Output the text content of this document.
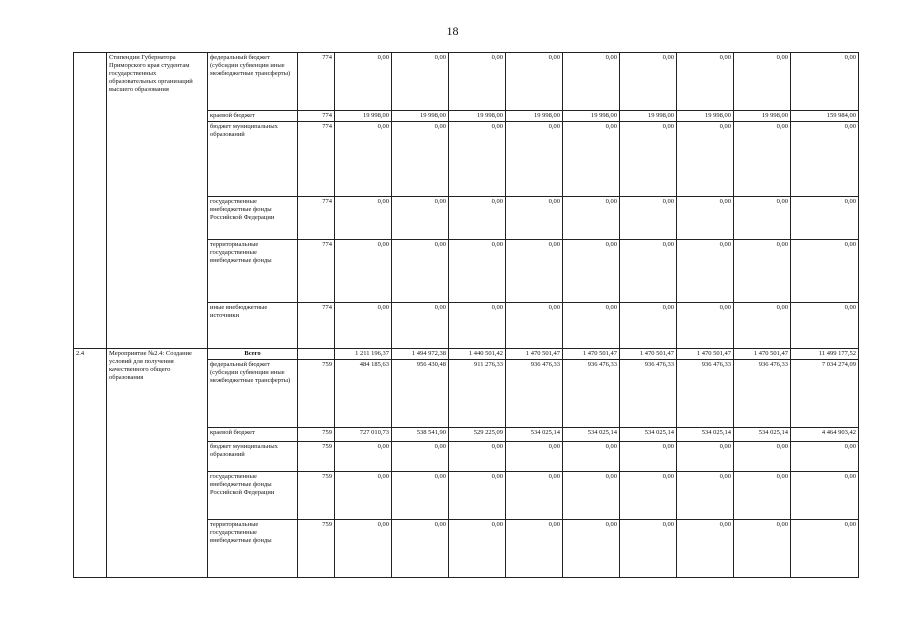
18
	Стипендии Губернатора Приморского края студентам государственных образовательных организаций высшего образования	федеральный бюджет (субсидии субвенции иные межбюджетные трансферты)	774	0,00	0,00	0,00	0,00	0,00	0,00	0,00	0,00	0,00
		краевой бюджет	774	19 998,00	19 998,00	19 998,00	19 998,00	19 998,00	19 998,00	19 998,00	19 998,00	159 984,00
		бюджет муниципальных образований	774	0,00	0,00	0,00	0,00	0,00	0,00	0,00	0,00	0,00
		государственные внебюджетные фонды Российской Федерации	774	0,00	0,00	0,00	0,00	0,00	0,00	0,00	0,00	0,00
		территориальные государственные внебюджетные фонды	774	0,00	0,00	0,00	0,00	0,00	0,00	0,00	0,00	0,00
		иные внебюджетные источники	774	0,00	0,00	0,00	0,00	0,00	0,00	0,00	0,00	0,00
2.4	Мероприятие №2.4: Создание условий для получения качественного общего образования	Всего		1 211 196,37	1 494 972,38	1 440 501,42	1 470 501,47	1 470 501,47	1 470 501,47	1 470 501,47	1 470 501,47	11 499 177,52
		федеральный бюджет (субсидии субвенции иные межбюджетные трансферты)	759	484 185,63	956 430,48	911 276,33	936 476,33	936 476,33	936 476,33	936 476,33	936 476,33	7 034 274,09
		краевой бюджет	759	727 010,73	538 541,90	529 225,09	534 025,14	534 025,14	534 025,14	534 025,14	534 025,14	4 464 903,42
		бюджет муниципальных образований	759	0,00	0,00	0,00	0,00	0,00	0,00	0,00	0,00	0,00
		государственные внебюджетные фонды Российской Федерации	759	0,00	0,00	0,00	0,00	0,00	0,00	0,00	0,00	0,00
		территориальные государственные внебюджетные фонды	759	0,00	0,00	0,00	0,00	0,00	0,00	0,00	0,00	0,00
